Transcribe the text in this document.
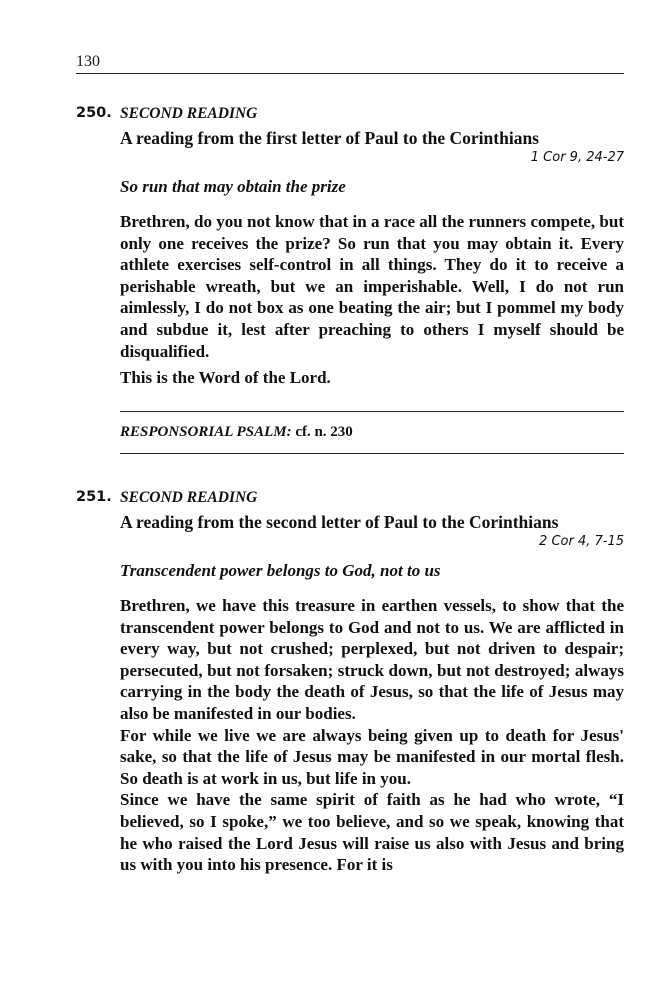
130
250. SECOND READING
A reading from the first letter of Paul to the Corinthians
1 Cor 9, 24-27
So run that may obtain the prize

Brethren, do you not know that in a race all the runners compete, but only one receives the prize? So run that you may obtain it. Every athlete exercises self-control in all things. They do it to receive a perishable wreath, but we an imperishable. Well, I do not run aimlessly, I do not box as one beating the air; but I pommel my body and subdue it, lest after preaching to others I myself should be disqualified.

This is the Word of the Lord.
RESPONSORIAL PSALM: cf. n. 230
251. SECOND READING
A reading from the second letter of Paul to the Corinthians
2 Cor 4, 7-15
Transcendent power belongs to God, not to us

Brethren, we have this treasure in earthen vessels, to show that the transcendent power belongs to God and not to us. We are afflicted in every way, but not crushed; perplexed, but not driven to despair; persecuted, but not forsaken; struck down, but not destroyed; always carrying in the body the death of Jesus, so that the life of Jesus may also be manifested in our bodies.

For while we live we are always being given up to death for Jesus' sake, so that the life of Jesus may be manifested in our mortal flesh. So death is at work in us, but life in you.

Since we have the same spirit of faith as he had who wrote, “I believed, so I spoke,” we too believe, and so we speak, knowing that he who raised the Lord Jesus will raise us also with Jesus and bring us with you into his presence. For it is
